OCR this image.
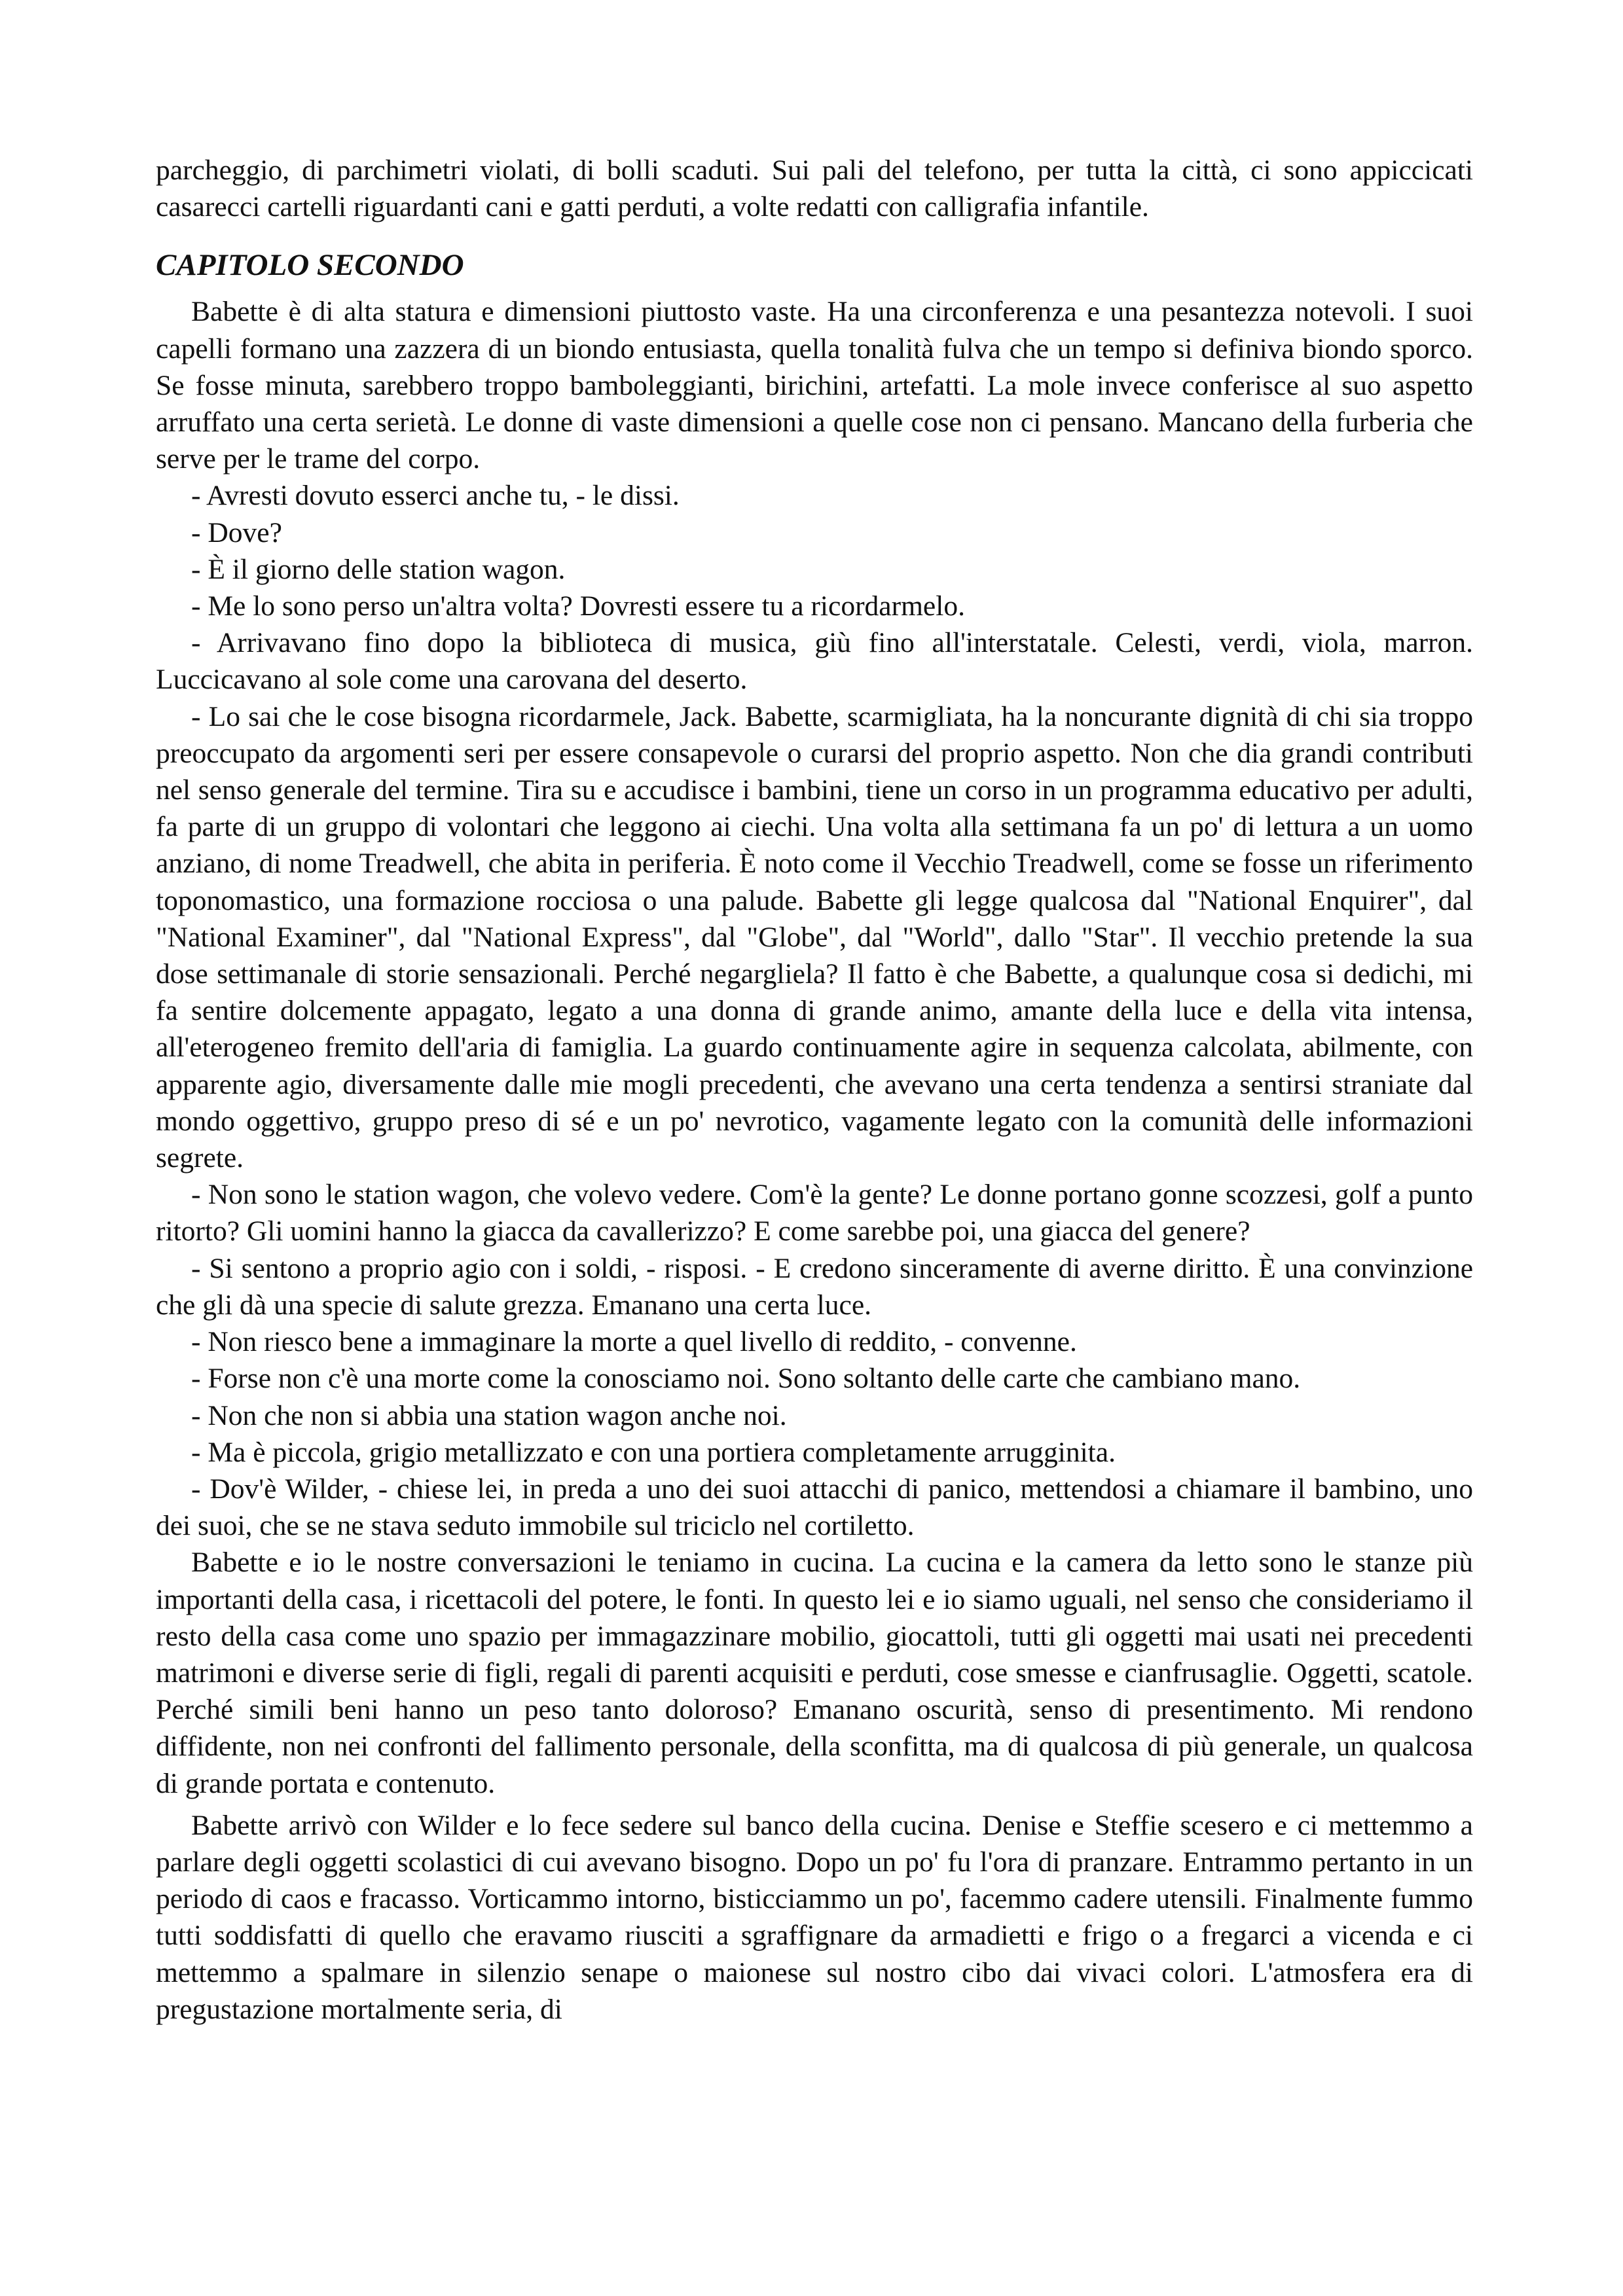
parcheggio, di parchimetri violati, di bolli scaduti. Sui pali del telefono, per tutta la città, ci sono appiccicati casarecci cartelli riguardanti cani e gatti perduti, a volte redatti con calligrafia infantile.

CAPITOLO SECONDO

Babette è di alta statura e dimensioni piuttosto vaste. Ha una circonferenza e una pesantezza notevoli. I suoi capelli formano una zazzera di un biondo entusiasta, quella tonalità fulva che un tempo si definiva biondo sporco. Se fosse minuta, sarebbero troppo bamboleggianti, birichini, artefatti. La mole invece conferisce al suo aspetto arruffato una certa serietà. Le donne di vaste dimensioni a quelle cose non ci pensano. Mancano della furberia che serve per le trame del corpo.

- Avresti dovuto esserci anche tu, - le dissi.

- Dove?

- È il giorno delle station wagon.

- Me lo sono perso un'altra volta? Dovresti essere tu a ricordarmelo.

- Arrivavano fino dopo la biblioteca di musica, giù fino all'interstatale. Celesti, verdi, viola, marron. Luccicavano al sole come una carovana del deserto.

- Lo sai che le cose bisogna ricordarmele, Jack. Babette, scarmigliata, ha la noncurante dignità di chi sia troppo preoccupato da argomenti seri per essere consapevole o curarsi del proprio aspetto. Non che dia grandi contributi nel senso generale del termine. Tira su e accudisce i bambini, tiene un corso in un programma educativo per adulti, fa parte di un gruppo di volontari che leggono ai ciechi. Una volta alla settimana fa un po' di lettura a un uomo anziano, di nome Treadwell, che abita in periferia. È noto come il Vecchio Treadwell, come se fosse un riferimento toponomastico, una formazione rocciosa o una palude. Babette gli legge qualcosa dal "National Enquirer", dal "National Examiner", dal "National Express", dal "Globe", dal "World", dallo "Star". Il vecchio pretende la sua dose settimanale di storie sensazionali. Perché negargliela? Il fatto è che Babette, a qualunque cosa si dedichi, mi fa sentire dolcemente appagato, legato a una donna di grande animo, amante della luce e della vita intensa, all'eterogeneo fremito dell'aria di famiglia. La guardo continuamente agire in sequenza calcolata, abilmente, con apparente agio, diversamente dalle mie mogli precedenti, che avevano una certa tendenza a sentirsi straniate dal mondo oggettivo, gruppo preso di sé e un po' nevrotico, vagamente legato con la comunità delle informazioni segrete.

- Non sono le station wagon, che volevo vedere. Com'è la gente? Le donne portano gonne scozzesi, golf a punto ritorto? Gli uomini hanno la giacca da cavallerizzo? E come sarebbe poi, una giacca del genere?

- Si sentono a proprio agio con i soldi, - risposi. - E credono sinceramente di averne diritto. È una convinzione che gli dà una specie di salute grezza. Emanano una certa luce.

- Non riesco bene a immaginare la morte a quel livello di reddito, - convenne.

- Forse non c'è una morte come la conosciamo noi. Sono soltanto delle carte che cambiano mano.

- Non che non si abbia una station wagon anche noi.

- Ma è piccola, grigio metallizzato e con una portiera completamente arrugginita.

- Dov'è Wilder, - chiese lei, in preda a uno dei suoi attacchi di panico, mettendosi a chiamare il bambino, uno dei suoi, che se ne stava seduto immobile sul triciclo nel cortiletto.

Babette e io le nostre conversazioni le teniamo in cucina. La cucina e la camera da letto sono le stanze più importanti della casa, i ricettacoli del potere, le fonti. In questo lei e io siamo uguali, nel senso che consideriamo il resto della casa come uno spazio per immagazzinare mobilio, giocattoli, tutti gli oggetti mai usati nei precedenti matrimoni e diverse serie di figli, regali di parenti acquisiti e perduti, cose smesse e cianfrusaglie. Oggetti, scatole. Perché simili beni hanno un peso tanto doloroso? Emanano oscurità, senso di presentimento. Mi rendono diffidente, non nei confronti del fallimento personale, della sconfitta, ma di qualcosa di più generale, un qualcosa di grande portata e contenuto.

Babette arrivò con Wilder e lo fece sedere sul banco della cucina. Denise e Steffie scesero e ci mettemmo a parlare degli oggetti scolastici di cui avevano bisogno. Dopo un po' fu l'ora di pranzare. Entrammo pertanto in un periodo di caos e fracasso. Vorticammo intorno, bisticciammo un po', facemmo cadere utensili. Finalmente fummo tutti soddisfatti di quello che eravamo riusciti a sgraffignare da armadietti e frigo o a fregarci a vicenda e ci mettemmo a spalmare in silenzio senape o maionese sul nostro cibo dai vivaci colori. L'atmosfera era di pregustazione mortalmente seria, di
